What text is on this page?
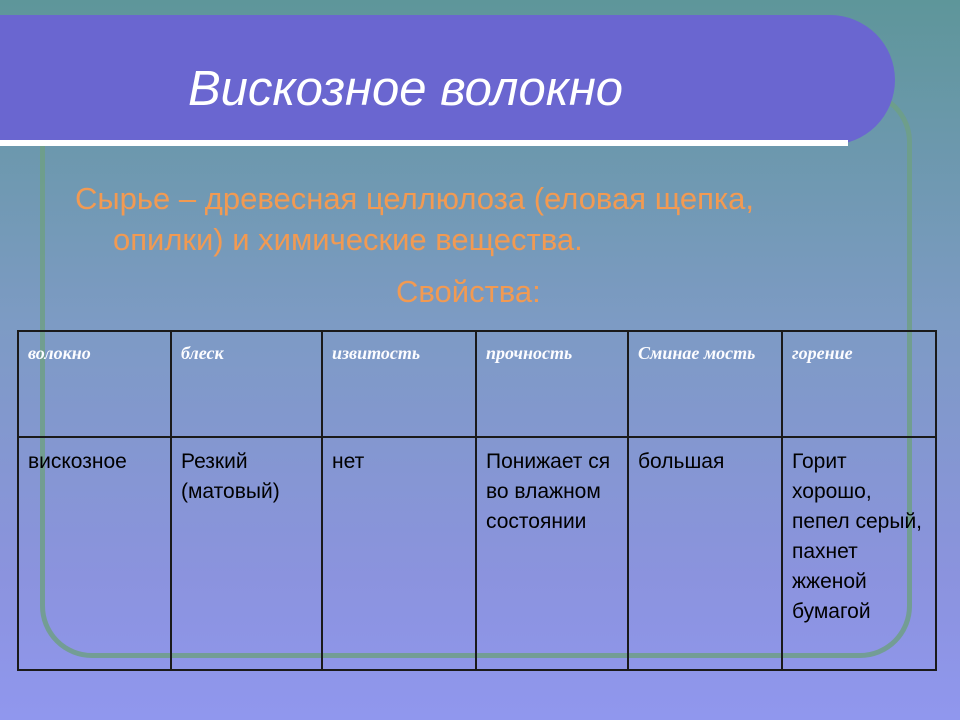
Вискозное волокно
Сырье – древесная целлюлоза (еловая щепка, опилки) и химические вещества.
Свойства:
волокно	блеск	извитость	прочность	Сминае мость	горение
вискозное	Резкий (матовый)	нет	Понижает ся во влажном состоянии	большая	Горит хорошо, пепел серый, пахнет жженой бумагой
